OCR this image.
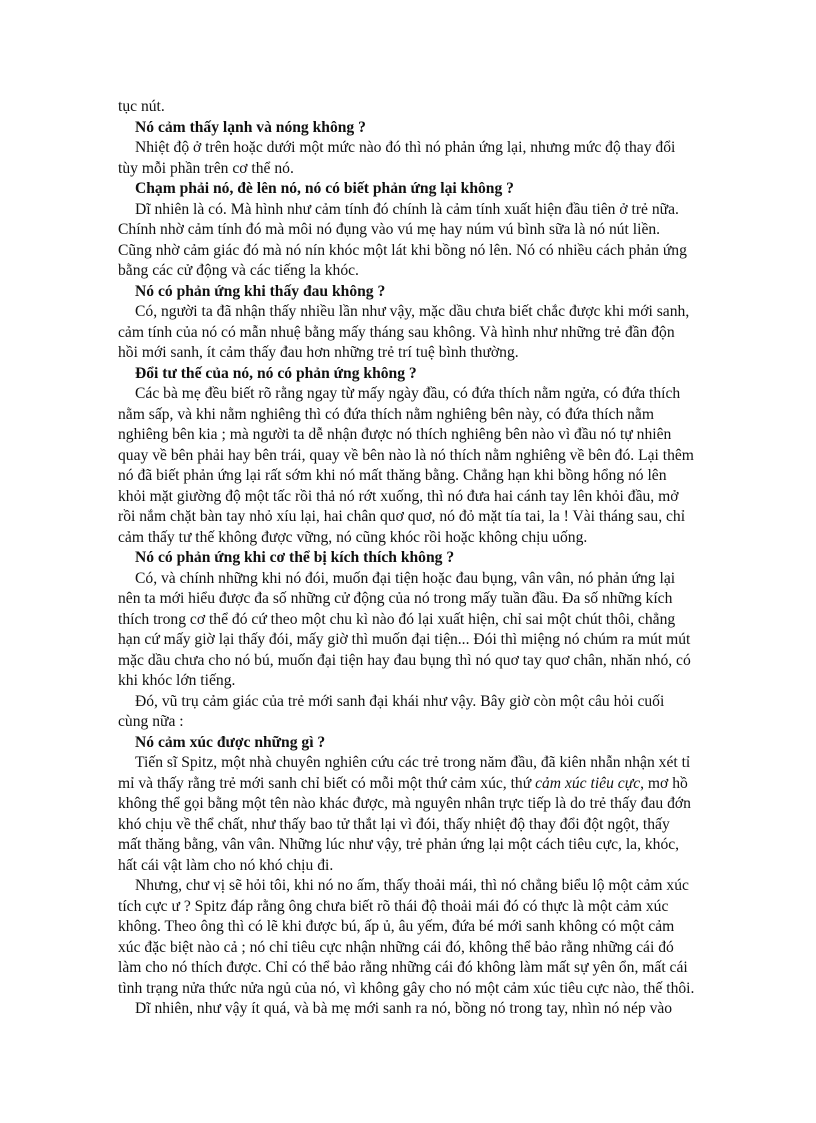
tục nút.

Nó cảm thấy lạnh và nóng không ?

Nhiệt độ ở trên hoặc dưới một mức nào đó thì nó phản ứng lại, nhưng mức độ thay đổi tùy mỗi phần trên cơ thể nó.

Chạm phải nó, đè lên nó, nó có biết phản ứng lại không ?

Dĩ nhiên là có. Mà hình như cảm tính đó chính là cảm tính xuất hiện đầu tiên ở trẻ nữa. Chính nhờ cảm tính đó mà môi nó đụng vào vú mẹ hay núm vú bình sữa là nó nút liền. Cũng nhờ cảm giác đó mà nó nín khóc một lát khi bồng nó lên. Nó có nhiều cách phản ứng bằng các cử động và các tiếng la khóc.

Nó có phản ứng khi thấy đau không ?

Có, người ta đã nhận thấy nhiều lần như vậy, mặc dầu chưa biết chắc được khi mới sanh, cảm tính của nó có mẫn nhuệ bằng mấy tháng sau không. Và hình như những trẻ đần độn hồi mới sanh, ít cảm thấy đau hơn những trẻ trí tuệ bình thường.

Đổi tư thế của nó, nó có phản ứng không ?

Các bà mẹ đều biết rõ rằng ngay từ mấy ngày đầu, có đứa thích nằm ngửa, có đứa thích nằm sấp, và khi nằm nghiêng thì có đứa thích nằm nghiêng bên này, có đứa thích nằm nghiêng bên kia ; mà người ta dễ nhận được nó thích nghiêng bên nào vì đầu nó tự nhiên quay về bên phải hay bên trái, quay về bên nào là nó thích nằm nghiêng về bên đó. Lại thêm nó đã biết phản ứng lại rất sớm khi nó mất thăng bằng. Chẳng hạn khi bồng hổng nó lên khỏi mặt giường độ một tấc rồi thả nó rớt xuống, thì nó đưa hai cánh tay lên khỏi đầu, mở rồi nắm chặt bàn tay nhỏ xíu lại, hai chân quơ quơ, nó đỏ mặt tía tai, la ! Vài tháng sau, chỉ cảm thấy tư thế không được vững, nó cũng khóc rồi hoặc không chịu uống.

Nó có phản ứng khi cơ thể bị kích thích không ?

Có, và chính những khi nó đói, muốn đại tiện hoặc đau bụng, vân vân, nó phản ứng lại nên ta mới hiểu được đa số những cử động của nó trong mấy tuần đầu. Đa số những kích thích trong cơ thể đó cứ theo một chu kì nào đó lại xuất hiện, chỉ sai một chút thôi, chẳng hạn cứ mấy giờ lại thấy đói, mấy giờ thì muốn đại tiện... Đói thì miệng nó chúm ra mút mút mặc dầu chưa cho nó bú, muốn đại tiện hay đau bụng thì nó quơ tay quơ chân, nhăn nhó, có khi khóc lớn tiếng.

Đó, vũ trụ cảm giác của trẻ mới sanh đại khái như vậy. Bây giờ còn một câu hỏi cuối cùng nữa :

Nó cảm xúc được những gì ?

Tiến sĩ Spitz, một nhà chuyên nghiên cứu các trẻ trong năm đầu, đã kiên nhẫn nhận xét tỉ mỉ và thấy rằng trẻ mới sanh chỉ biết có mỗi một thứ cảm xúc, thứ cảm xúc tiêu cực, mơ hồ không thể gọi bằng một tên nào khác được, mà nguyên nhân trực tiếp là do trẻ thấy đau đớn khó chịu về thể chất, như thấy bao tử thắt lại vì đói, thấy nhiệt độ thay đổi đột ngột, thấy mất thăng bằng, vân vân. Những lúc như vậy, trẻ phản ứng lại một cách tiêu cực, la, khóc, hất cái vật làm cho nó khó chịu đi.

Nhưng, chư vị sẽ hỏi tôi, khi nó no ấm, thấy thoải mái, thì nó chẳng biểu lộ một cảm xúc tích cực ư ? Spitz đáp rằng ông chưa biết rõ thái độ thoải mái đó có thực là một cảm xúc không. Theo ông thì có lẽ khi được bú, ấp ủ, âu yếm, đứa bé mới sanh không có một cảm xúc đặc biệt nào cả ; nó chỉ tiêu cực nhận những cái đó, không thể bảo rằng những cái đó làm cho nó thích được. Chỉ có thể bảo rằng những cái đó không làm mất sự yên ổn, mất cái tình trạng nửa thức nửa ngủ của nó, vì không gây cho nó một cảm xúc tiêu cực nào, thế thôi.

Dĩ nhiên, như vậy ít quá, và bà mẹ mới sanh ra nó, bồng nó trong tay, nhìn nó nép vào
